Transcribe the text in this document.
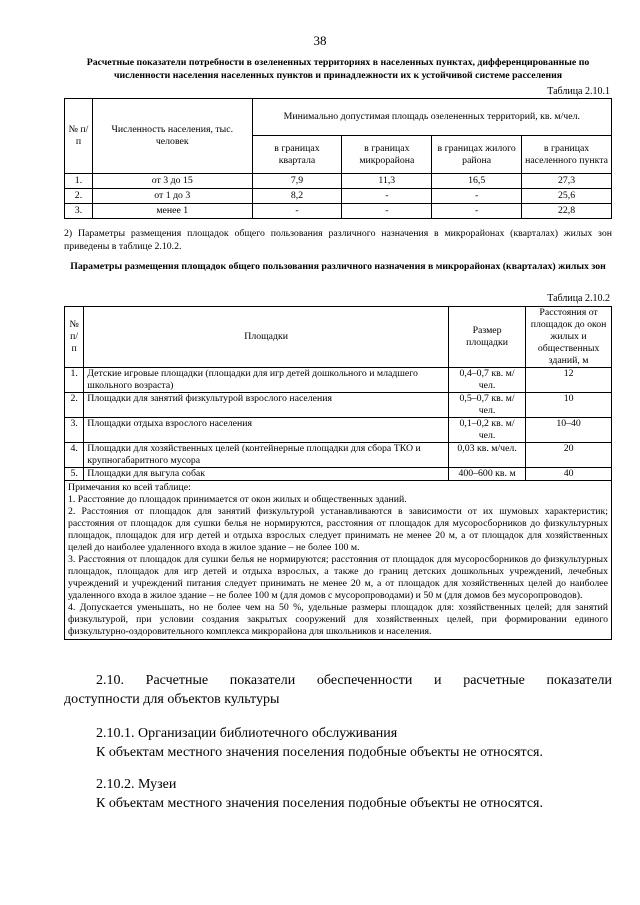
38
Расчетные показатели потребности в озелененных территориях в населенных пунктах, дифференцированные по численности населения населенных пунктов и принадлежности их к устойчивой системе расселения
Таблица 2.10.1
№ п/п	Численность населения, тыс. человек	Минимально допустимая площадь озелененных территорий, кв. м/чел.			
		в границах квартала	в границах микрорайона	в границах жилого района	в границах населенного пункта
1.	от 3 до 15	7,9	11,3	16,5	27,3
2.	от 1 до 3	8,2	-	-	25,6
3.	менее 1	-	-	-	22,8
2) Параметры размещения площадок общего пользования различного назначения в микрорайонах (кварталах) жилых зон приведены в таблице 2.10.2.
Параметры размещения площадок общего пользования различного назначения в микрорайонах (кварталах) жилых зон
Таблица 2.10.2
№ п/п	Площадки	Размер площадки	Расстояния от площадок до окон жилых и общественных зданий, м
1.	Детские игровые площадки (площадки для игр детей дошкольного и младшего школьного возраста)	0,4–0,7 кв. м/чел.	12
2.	Площадки для занятий физкультурой взрослого населения	0,5–0,7 кв. м/чел.	10
3.	Площадки отдыха взрослого населения	0,1–0,2 кв. м/чел.	10–40
4.	Площадки для хозяйственных целей (контейнерные площадки для сбора ТКО и крупногабаритного мусора	0,03 кв. м/чел.	20
5.	Площадки для выгула собак	400–600 кв. м	40

Примечания ко всей таблице:

1. Расстояние до площадок принимается от окон жилых и общественных зданий.

2. Расстояния от площадок для занятий физкультурой устанавливаются в зависимости от их шумовых характеристик; расстояния от площадок для сушки белья не нормируются, расстояния от площадок для мусоросборников до физкультурных площадок, площадок для игр детей и отдыха взрослых следует принимать не менее 20 м, а от площадок для хозяйственных целей до наиболее удаленного входа в жилое здание – не более 100 м.

3. Расстояния от площадок для сушки белья не нормируются; расстояния от площадок для мусоросборников до физкультурных площадок, площадок для игр детей и отдыха взрослых, а также до границ детских дошкольных учреждений, лечебных учреждений и учреждений питания следует принимать не менее 20 м, а от площадок для хозяйственных целей до наиболее удаленного входа в жилое здание – не более 100 м (для домов с мусоропроводами) и 50 м (для домов без мусоропроводов).

4. Допускается уменьшать, но не более чем на 50 %, удельные размеры площадок для: хозяйственных целей; для занятий физкультурой, при условии создания закрытых сооружений для хозяйственных целей, при формировании единого физкультурно-оздоровительного комплекса микрорайона для школьников и населения.			

2.10. Расчетные показатели обеспеченности и расчетные показатели
доступности для объектов культуры
2.10.1. Организации библиотечного обслуживания
К объектам местного значения поселения подобные объекты не относятся.
2.10.2. Музеи
К объектам местного значения поселения подобные объекты не относятся.
